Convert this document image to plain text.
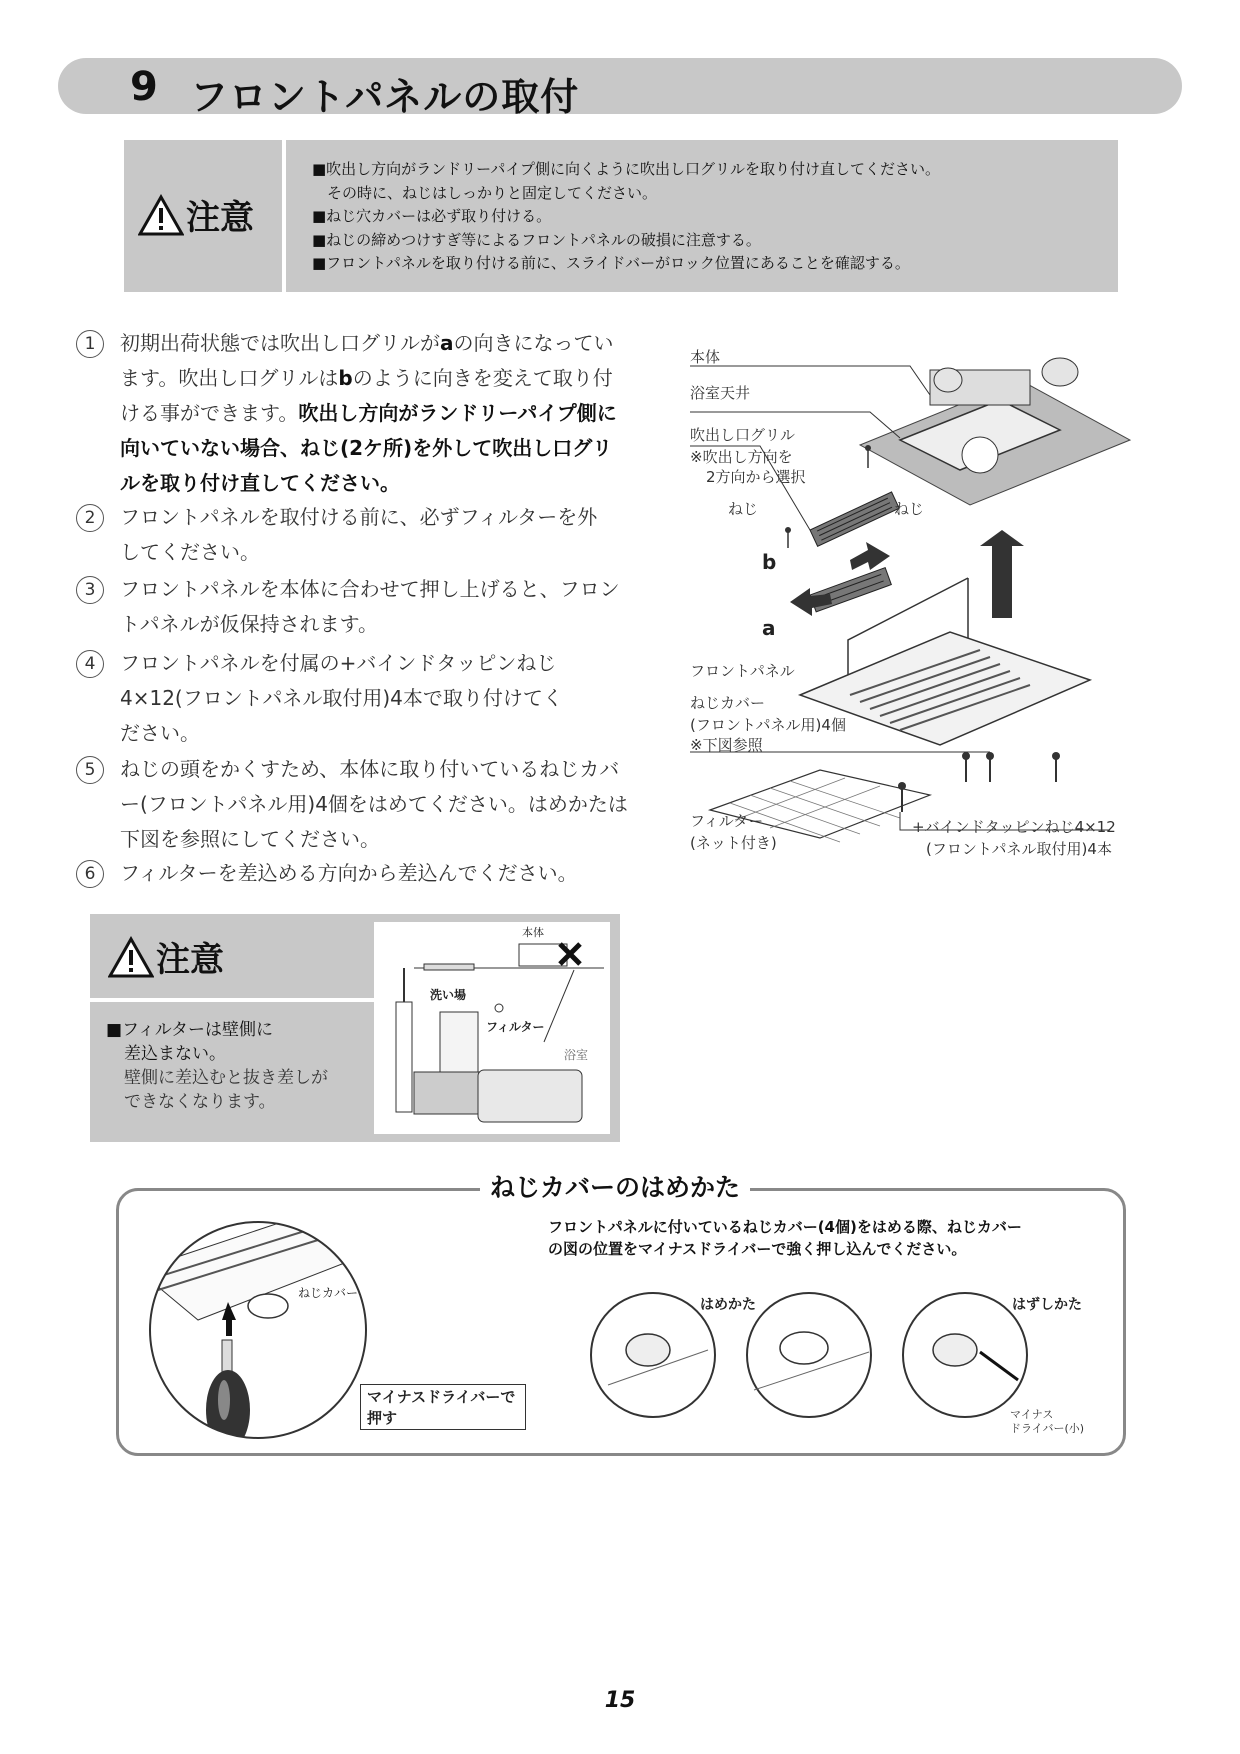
9 フロントパネルの取付
注意
■吹出し方向がランドリーパイプ側に向くように吹出し口グリルを取り付け直してください。
　その時に、ねじはしっかりと固定してください。
■ねじ穴カバーは必ず取り付ける。
■ねじの締めつけすぎ等によるフロントパネルの破損に注意する。
■フロントパネルを取り付ける前に、スライドバーがロック位置にあることを確認する。
1	初期出荷状態では吹出し口グリルがaの向きになっています。吹出し口グリルはbのように向きを変えて取り付ける事ができます。吹出し方向がランドリーパイプ側に向いていない場合、ねじ(2ケ所)を外して吹出し口グリルを取り付け直してください。
2	フロントパネルを取付ける前に、必ずフィルターを外してください。
3	フロントパネルを本体に合わせて押し上げると、フロントパネルが仮保持されます。
4	フロントパネルを付属の+バインドタッピンねじ4×12(フロントパネル取付用)4本で取り付けてください。
5	ねじの頭をかくすため、本体に取り付いているねじカバー(フロントパネル用)4個をはめてください。はめかたは下図を参照にしてください。
6	フィルターを差込める方向から差込んでください。
本体
浴室天井
吹出し口グリル
※吹出し方向を
2方向から選択
ねじ	ねじ
b
a
フロントパネル
ねじカバー
(フロントパネル用)4個
※下図参照
フィルター
(ネット付き)
+バインドタッピンねじ4×12
(フロントパネル取付用)4本
注意
■フィルターは壁側に
差込まない。
壁側に差込むと抜き差しが
できなくなります。
本体
洗い場
フィルター
浴室
ねじカバーのはめかた
フロントパネルに付いているねじカバー(4個)をはめる際、ねじカバー
の図の位置をマイナスドライバーで強く押し込んでください。
ねじカバー
マイナスドライバーで
押す
はめかた	はずしかた
マイナス
ドライバー(小)
15
